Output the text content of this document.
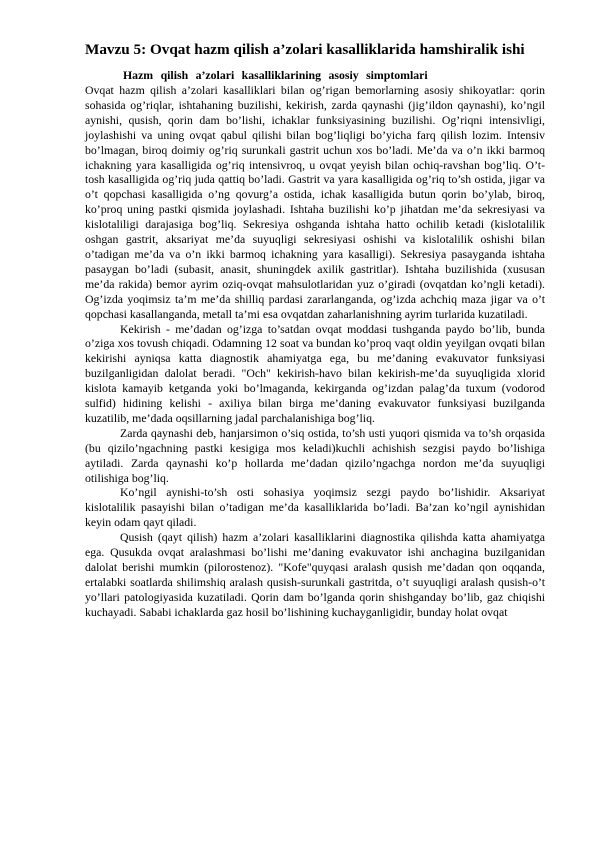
Mavzu 5: Ovqat hazm qilish a’zolari kasalliklarida hamshiralik ishi
Hazm qilish a’zolari kasalliklarining asosiy simptomlari

Ovqat hazm qilish a’zolari kasalliklari bilan og’rigan bemorlarning asosiy shikoyatlar: qorin sohasida og’riqlar, ishtahaning buzilishi, kekirish, zarda qaynashi (jig’ildon qaynashi), ko’ngil aynishi, qusish, qorin dam bo’lishi, ichaklar funksiyasining buzilishi. Og’riqni intensivligi, joylashishi va uning ovqat qabul qilishi bilan bog’liqligi bo’yicha farq qilish lozim. Intensiv bo’lmagan, biroq doimiy og’riq surunkali gastrit uchun xos bo’ladi. Me’da va o’n ikki barmoq ichakning yara kasalligida og’riq intensivroq, u ovqat yeyish bilan ochiq-ravshan bog’liq. O’t-tosh kasalligida og’riq juda qattiq bo’ladi. Gastrit va yara kasalligida og’riq to’sh ostida, jigar va o’t qopchasi kasalligida o’ng qovurg’a ostida, ichak kasalligida butun qorin bo’ylab, biroq, ko’proq uning pastki qismida joylashadi. Ishtaha buzilishi ko’p jihatdan me’da sekresiyasi va kislotaliligi darajasiga bog’liq. Sekresiya oshganda ishtaha hatto ochilib ketadi (kislotalilik oshgan gastrit, aksariyat me’da suyuqligi sekresiyasi oshishi va kislotalilik oshishi bilan o’tadigan me’da va o’n ikki barmoq ichakning yara kasalligi). Sekresiya pasayganda ishtaha pasaygan bo’ladi (subasit, anasit, shuningdek axilik gastritlar). Ishtaha buzilishida (xususan me’da rakida) bemor ayrim oziq-ovqat mahsulotlaridan yuz o’giradi (ovqatdan ko’ngli ketadi). Og’izda yoqimsiz ta’m me’da shilliq pardasi zararlanganda, og’izda achchiq maza jigar va o’t qopchasi kasallanganda, metall ta’mi esa ovqatdan zaharlanishning ayrim turlarida kuzatiladi.

Kekirish - me’dadan og’izga to’satdan ovqat moddasi tushganda paydo bo’lib, bunda o’ziga xos tovush chiqadi. Odamning 12 soat va bundan ko’proq vaqt oldin yeyilgan ovqati bilan kekirishi ayniqsa katta diagnostik ahamiyatga ega, bu me’daning evakuvator funksiyasi buzilganligidan dalolat beradi. "Och" kekirish-havo bilan kekirish-me’da suyuqligida xlorid kislota kamayib ketganda yoki bo’lmaganda, kekirganda og’izdan palag’da tuxum (vodorod sulfid) hidining kelishi - axiliya bilan birga me’daning evakuvator funksiyasi buzilganda kuzatilib, me’dada oqsillarning jadal parchalanishiga bog’liq.

Zarda qaynashi deb, hanjarsimon o’siq ostida, to’sh usti yuqori qismida va to’sh orqasida (bu qizilo’ngachning pastki kesigiga mos keladi)kuchli achishish sezgisi paydo bo’lishiga aytiladi. Zarda qaynashi ko’p hollarda me’dadan qizilo’ngachga nordon me’da suyuqligi otilishiga bog’liq.

Ko’ngil aynishi-to’sh osti sohasiya yoqimsiz sezgi paydo bo’lishidir. Aksariyat kislotalilik pasayishi bilan o’tadigan me’da kasalliklarida bo’ladi. Ba’zan ko’ngil aynishidan keyin odam qayt qiladi.

Qusish (qayt qilish) hazm a’zolari kasalliklarini diagnostika qilishda katta ahamiyatga ega. Qusukda ovqat aralashmasi bo’lishi me’daning evakuvator ishi anchagina buzilganidan dalolat berishi mumkin (pilorostenoz). "Kofe"quyqasi aralash qusish me’dadan qon oqqanda, ertalabki soatlarda shilimshiq aralash qusish-surunkali gastritda, o’t suyuqligi aralash qusish-o’t yo’llari patologiyasida kuzatiladi. Qorin dam bo’lganda qorin shishganday bo’lib, gaz chiqishi kuchayadi. Sababi ichaklarda gaz hosil bo’lishining kuchayganligidir, bunday holat ovqat
